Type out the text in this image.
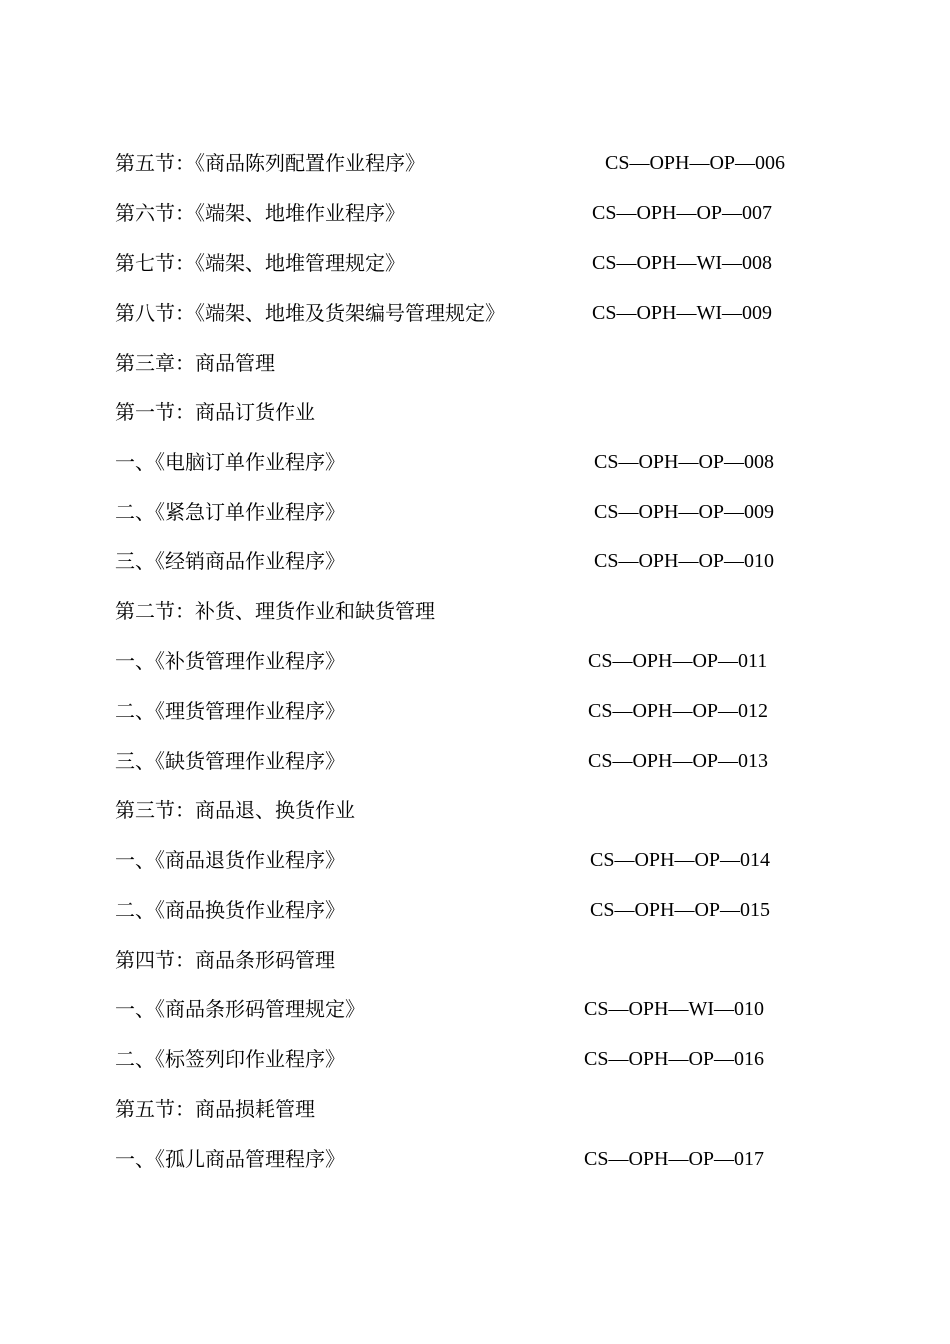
第五节：《商品陈列配置作业程序》	CS—OPH—OP—006
第六节：《端架、地堆作业程序》	CS—OPH—OP—007
第七节：《端架、地堆管理规定》	CS—OPH—WI—008
第八节：《端架、地堆及货架编号管理规定》	CS—OPH—WI—009
第三章：商品管理
第一节：商品订货作业
一、《电脑订单作业程序》	CS—OPH—OP—008
二、《紧急订单作业程序》	CS—OPH—OP—009
三、《经销商品作业程序》	CS—OPH—OP—010
第二节：补货、理货作业和缺货管理
一、《补货管理作业程序》	CS—OPH—OP—011
二、《理货管理作业程序》	CS—OPH—OP—012
三、《缺货管理作业程序》	CS—OPH—OP—013
第三节：商品退、换货作业
一、《商品退货作业程序》	CS—OPH—OP—014
二、《商品换货作业程序》	CS—OPH—OP—015
第四节：商品条形码管理
一、《商品条形码管理规定》	CS—OPH—WI—010
二、《标签列印作业程序》	CS—OPH—OP—016
第五节：商品损耗管理
一、《孤儿商品管理程序》	CS—OPH—OP—017
